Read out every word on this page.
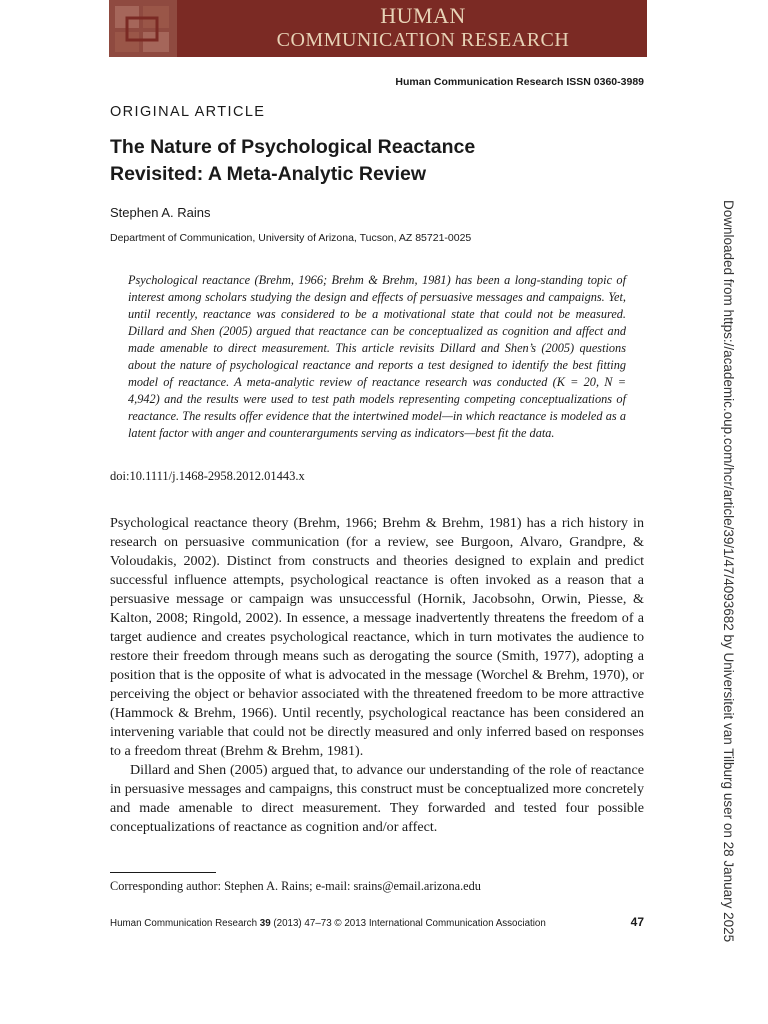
HUMAN
COMMUNICATION RESEARCH
Human Communication Research ISSN 0360-3989
ORIGINAL ARTICLE
The Nature of Psychological Reactance
Revisited: A Meta-Analytic Review
Stephen A. Rains
Department of Communication, University of Arizona, Tucson, AZ 85721-0025

Psychological reactance (Brehm, 1966; Brehm & Brehm, 1981) has been a long-standing topic of interest among scholars studying the design and effects of persuasive messages and campaigns. Yet, until recently, reactance was considered to be a motivational state that could not be measured. Dillard and Shen (2005) argued that reactance can be conceptualized as cognition and affect and made amenable to direct measurement. This article revisits Dillard and Shen’s (2005) questions about the nature of psychological reactance and reports a test designed to identify the best fitting model of reactance. A meta-analytic review of reactance research was conducted (K = 20, N = 4,942) and the results were used to test path models representing competing conceptualizations of reactance. The results offer evidence that the intertwined model—in which reactance is modeled as a latent factor with anger and counterarguments serving as indicators—best fit the data.

doi:10.1111/j.1468-2958.2012.01443.x

Psychological reactance theory (Brehm, 1966; Brehm & Brehm, 1981) has a rich history in research on persuasive communication (for a review, see Burgoon, Alvaro, Grandpre, & Voloudakis, 2002). Distinct from constructs and theories designed to explain and predict successful influence attempts, psychological reactance is often invoked as a reason that a persuasive message or campaign was unsuccessful (Hornik, Jacobsohn, Orwin, Piesse, & Kalton, 2008; Ringold, 2002). In essence, a message inadvertently threatens the freedom of a target audience and creates psychological reactance, which in turn motivates the audience to restore their freedom through means such as derogating the source (Smith, 1977), adopting a position that is the opposite of what is advocated in the message (Worchel & Brehm, 1970), or perceiving the object or behavior associated with the threatened freedom to be more attractive (Hammock & Brehm, 1966). Until recently, psychological reactance has been considered an intervening variable that could not be directly measured and only inferred based on responses to a freedom threat (Brehm & Brehm, 1981).

Dillard and Shen (2005) argued that, to advance our understanding of the role of reactance in persuasive messages and campaigns, this construct must be conceptualized more concretely and made amenable to direct measurement. They forwarded and tested four possible conceptualizations of reactance as cognition and/or affect.

Corresponding author: Stephen A. Rains; e-mail: srains@email.arizona.edu
Human Communication Research 39 (2013) 47–73 © 2013 International Communication Association	47	Downloaded from https://academic.oup.com/hcr/article/39/1/47/4093682 by Universiteit van Tilburg user on 28 January 2025
